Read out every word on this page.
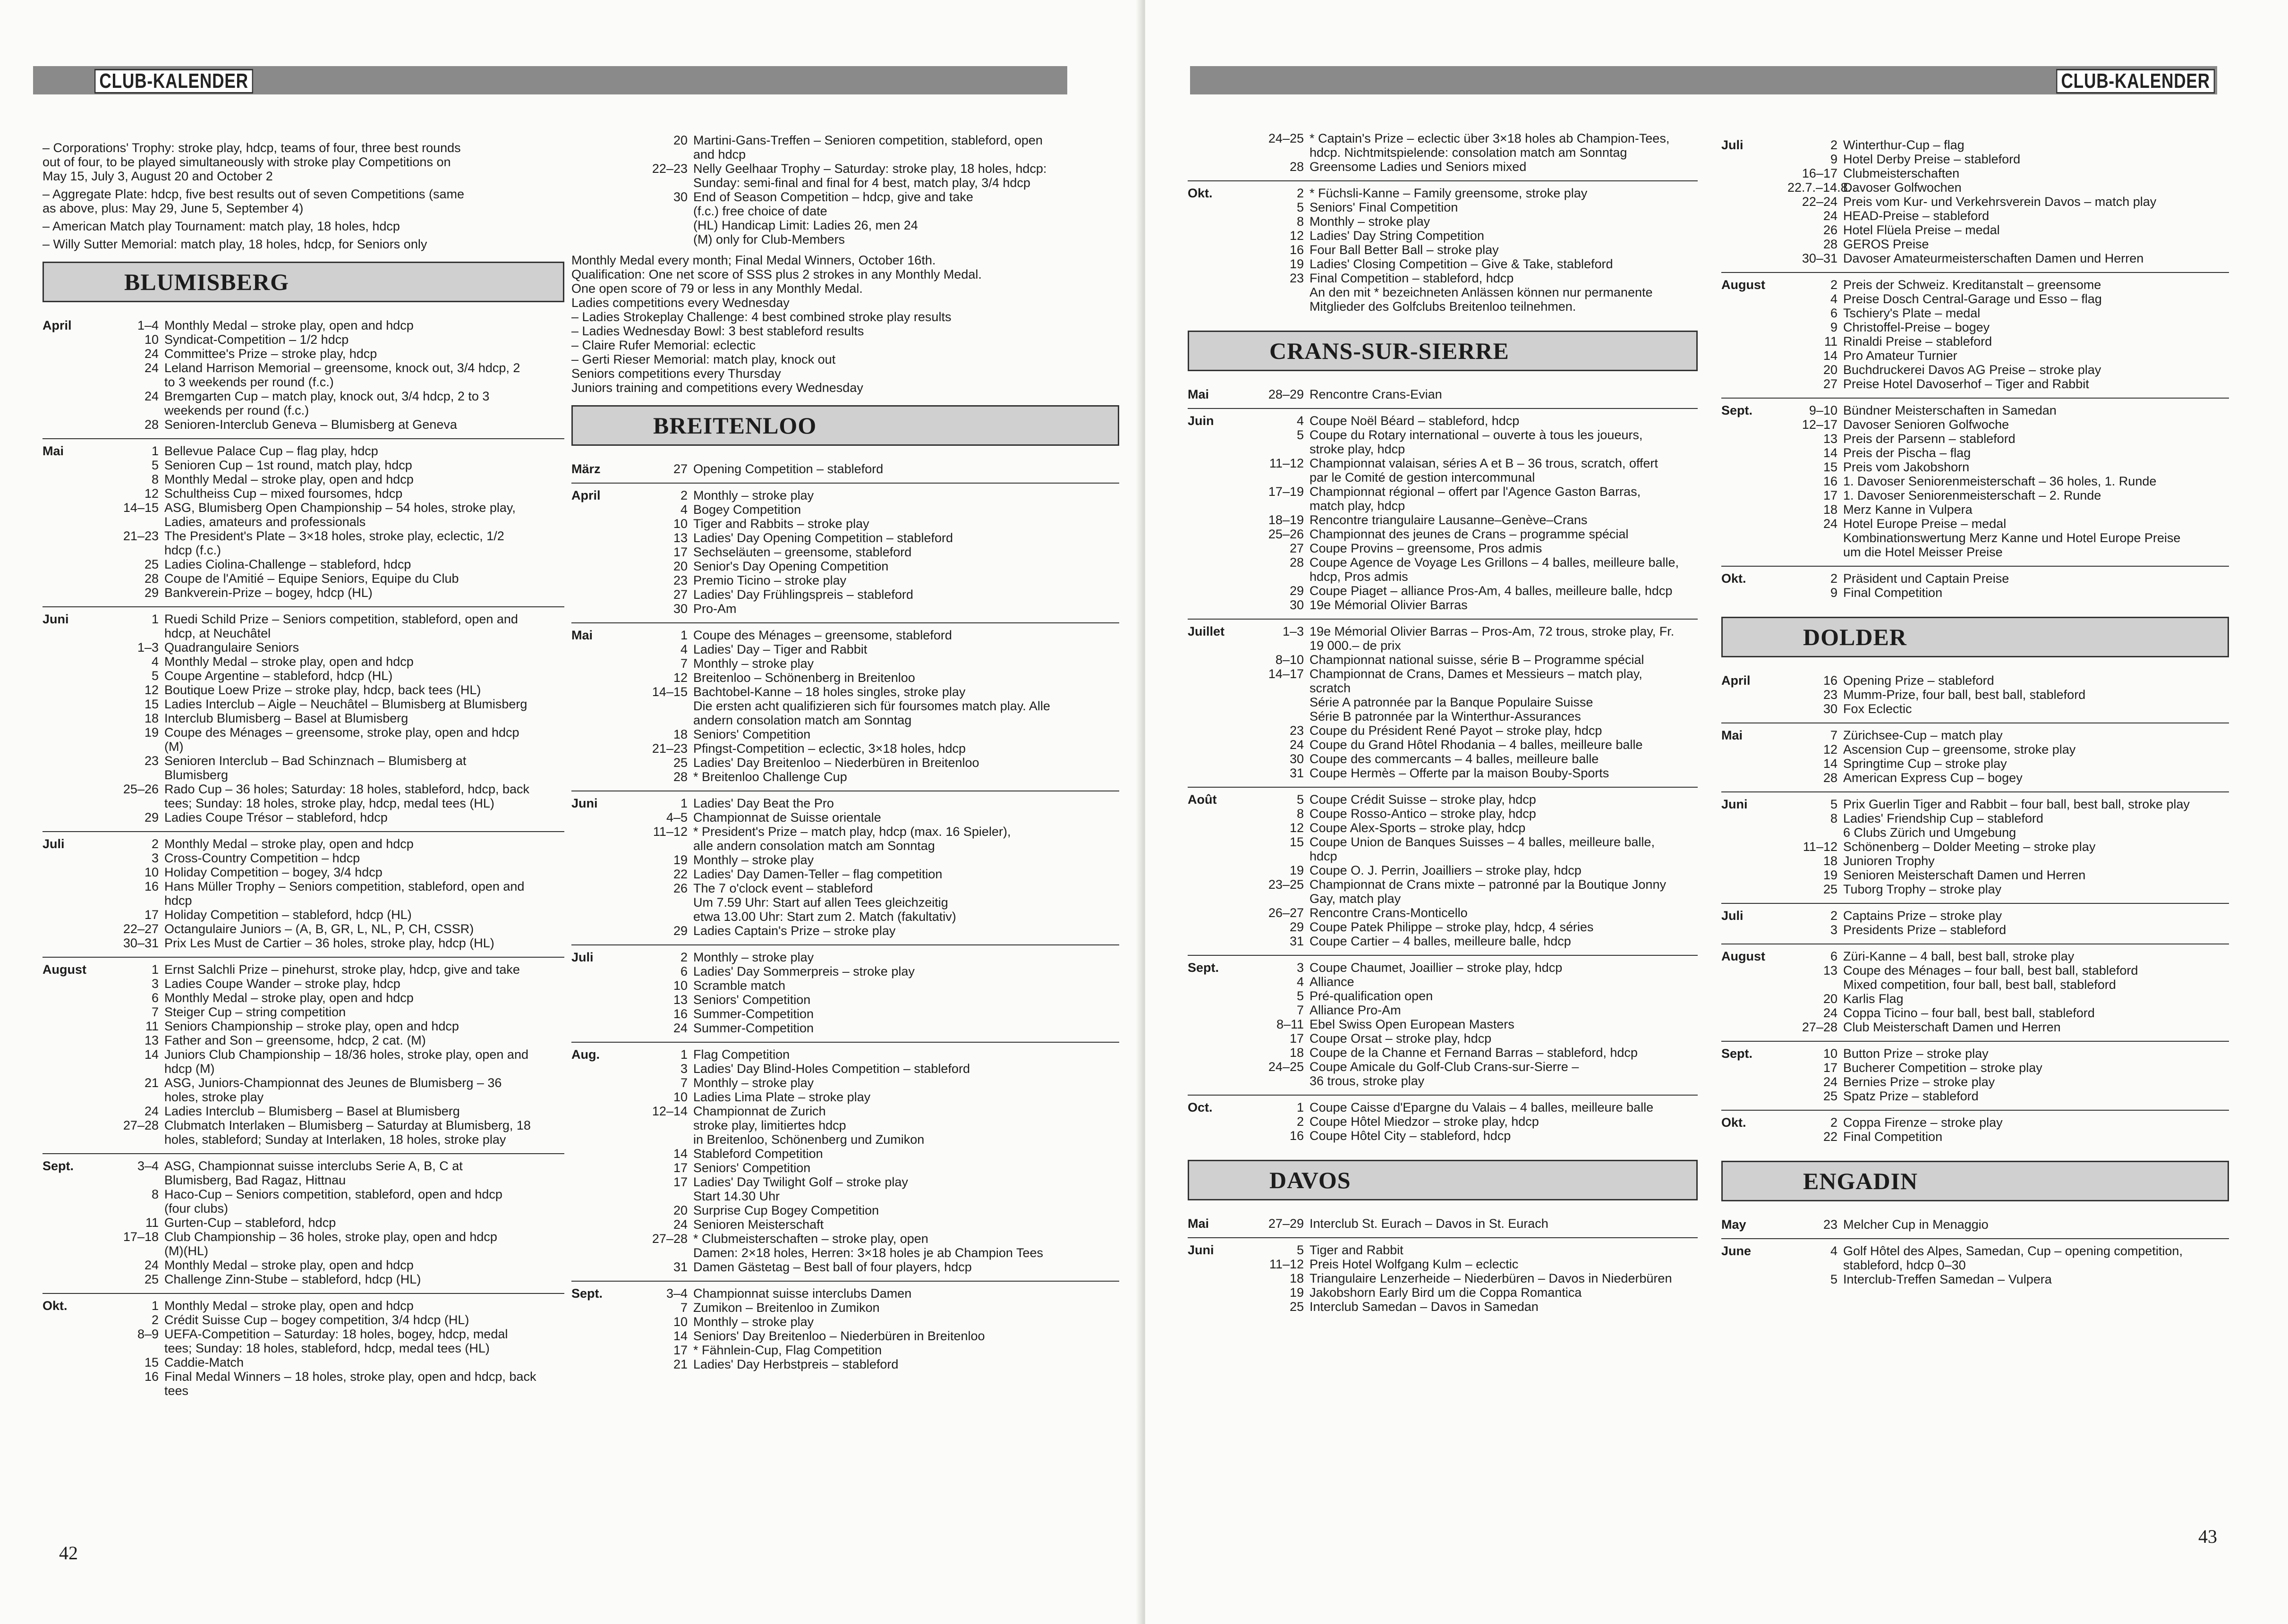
CLUB-KALENDER
– Corporations' Trophy: stroke play, hdcp, teams of four, three best rounds
out of four, to be played simultaneously with stroke play Competitions on
May 15, July 3, August 20 and October 2
– Aggregate Plate: hdcp, five best results out of seven Competitions (same
as above, plus: May 29, June 5, September 4)
– American Match play Tournament: match play, 18 holes, hdcp
– Willy Sutter Memorial: match play, 18 holes, hdcp, for Seniors only
BLUMISBERG
April	1–4 Monthly Medal – stroke play, open and hdcp
10 Syndicat-Competition – 1/2 hdcp
24 Committee's Prize – stroke play, hdcp
24 Leland Harrison Memorial – greensome, knock out, 3/4 hdcp, 2
to 3 weekends per round (f.c.)
24 Bremgarten Cup – match play, knock out, 3/4 hdcp, 2 to 3
weekends per round (f.c.)
28 Senioren-Interclub Geneva – Blumisberg at Geneva
Mai	1 Bellevue Palace Cup – flag play, hdcp
5 Senioren Cup – 1st round, match play, hdcp
8 Monthly Medal – stroke play, open and hdcp
12 Schultheiss Cup – mixed foursomes, hdcp
14–15 ASG, Blumisberg Open Championship – 54 holes, stroke play,
Ladies, amateurs and professionals
21–23 The President's Plate – 3×18 holes, stroke play, eclectic, 1/2
hdcp (f.c.)
25 Ladies Ciolina-Challenge – stableford, hdcp
28 Coupe de l'Amitié – Equipe Seniors, Equipe du Club
29 Bankverein-Prize – bogey, hdcp (HL)
Juni	1 Ruedi Schild Prize – Seniors competition, stableford, open and
hdcp, at Neuchâtel
1–3 Quadrangulaire Seniors
4 Monthly Medal – stroke play, open and hdcp
5 Coupe Argentine – stableford, hdcp (HL)
12 Boutique Loew Prize – stroke play, hdcp, back tees (HL)
15 Ladies Interclub – Aigle – Neuchâtel – Blumisberg at Blumisberg
18 Interclub Blumisberg – Basel at Blumisberg
19 Coupe des Ménages – greensome, stroke play, open and hdcp
(M)
23 Senioren Interclub – Bad Schinznach – Blumisberg at
Blumisberg
25–26 Rado Cup – 36 holes; Saturday: 18 holes, stableford, hdcp, back
tees; Sunday: 18 holes, stroke play, hdcp, medal tees (HL)
29 Ladies Coupe Trésor – stableford, hdcp
Juli	2 Monthly Medal – stroke play, open and hdcp
3 Cross-Country Competition – hdcp
10 Holiday Competition – bogey, 3/4 hdcp
16 Hans Müller Trophy – Seniors competition, stableford, open and
hdcp
17 Holiday Competition – stableford, hdcp (HL)
22–27 Octangulaire Juniors – (A, B, GR, L, NL, P, CH, CSSR)
30–31 Prix Les Must de Cartier – 36 holes, stroke play, hdcp (HL)
August	1 Ernst Salchli Prize – pinehurst, stroke play, hdcp, give and take
3 Ladies Coupe Wander – stroke play, hdcp
6 Monthly Medal – stroke play, open and hdcp
7 Steiger Cup – string competition
11 Seniors Championship – stroke play, open and hdcp
13 Father and Son – greensome, hdcp, 2 cat. (M)
14 Juniors Club Championship – 18/36 holes, stroke play, open and
hdcp (M)
21 ASG, Juniors-Championnat des Jeunes de Blumisberg – 36
holes, stroke play
24 Ladies Interclub – Blumisberg – Basel at Blumisberg
27–28 Clubmatch Interlaken – Blumisberg – Saturday at Blumisberg, 18
holes, stableford; Sunday at Interlaken, 18 holes, stroke play
Sept.	3–4 ASG, Championnat suisse interclubs Serie A, B, C at
Blumisberg, Bad Ragaz, Hittnau
8 Haco-Cup – Seniors competition, stableford, open and hdcp
(four clubs)
11 Gurten-Cup – stableford, hdcp
17–18 Club Championship – 36 holes, stroke play, open and hdcp
(M)(HL)
24 Monthly Medal – stroke play, open and hdcp
25 Challenge Zinn-Stube – stableford, hdcp (HL)
Okt.	1 Monthly Medal – stroke play, open and hdcp
2 Crédit Suisse Cup – bogey competition, 3/4 hdcp (HL)
8–9 UEFA-Competition – Saturday: 18 holes, bogey, hdcp, medal
tees; Sunday: 18 holes, stableford, hdcp, medal tees (HL)
15 Caddie-Match
16 Final Medal Winners – 18 holes, stroke play, open and hdcp, back
tees
20 Martini-Gans-Treffen – Senioren competition, stableford, open
and hdcp
22–23 Nelly Geelhaar Trophy – Saturday: stroke play, 18 holes, hdcp:
Sunday: semi-final and final for 4 best, match play, 3/4 hdcp
30 End of Season Competition – hdcp, give and take
(f.c.) free choice of date
(HL) Handicap Limit: Ladies 26, men 24
(M) only for Club-Members
Monthly Medal every month; Final Medal Winners, October 16th.
Qualification: One net score of SSS plus 2 strokes in any Monthly Medal.
One open score of 79 or less in any Monthly Medal.
Ladies competitions every Wednesday
– Ladies Strokeplay Challenge: 4 best combined stroke play results
– Ladies Wednesday Bowl: 3 best stableford results
– Claire Rufer Memorial: eclectic
– Gerti Rieser Memorial: match play, knock out
Seniors competitions every Thursday
Juniors training and competitions every Wednesday
BREITENLOO
März	27 Opening Competition – stableford
April	2 Monthly – stroke play
4 Bogey Competition
10 Tiger and Rabbits – stroke play
13 Ladies' Day Opening Competition – stableford
17 Sechseläuten – greensome, stableford
20 Senior's Day Opening Competition
23 Premio Ticino – stroke play
27 Ladies' Day Frühlingspreis – stableford
30 Pro-Am
Mai	1 Coupe des Ménages – greensome, stableford
4 Ladies' Day – Tiger and Rabbit
7 Monthly – stroke play
12 Breitenloo – Schönenberg in Breitenloo
14–15 Bachtobel-Kanne – 18 holes singles, stroke play
Die ersten acht qualifizieren sich für foursomes match play. Alle
andern consolation match am Sonntag
18 Seniors' Competition
21–23 Pfingst-Competition – eclectic, 3×18 holes, hdcp
25 Ladies' Day Breitenloo – Niederbüren in Breitenloo
28 * Breitenloo Challenge Cup
Juni	1 Ladies' Day Beat the Pro
4–5 Championnat de Suisse orientale
11–12 * President's Prize – match play, hdcp (max. 16 Spieler),
alle andern consolation match am Sonntag
19 Monthly – stroke play
22 Ladies' Day Damen-Teller – flag competition
26 The 7 o'clock event – stableford
Um 7.59 Uhr: Start auf allen Tees gleichzeitig
etwa 13.00 Uhr: Start zum 2. Match (fakultativ)
29 Ladies Captain's Prize – stroke play
Juli	2 Monthly – stroke play
6 Ladies' Day Sommerpreis – stroke play
10 Scramble match
13 Seniors' Competition
16 Summer-Competition
24 Summer-Competition
Aug.	1 Flag Competition
3 Ladies' Day Blind-Holes Competition – stableford
7 Monthly – stroke play
10 Ladies Lima Plate – stroke play
12–14 Championnat de Zurich
stroke play, limitiertes hdcp
in Breitenloo, Schönenberg und Zumikon
14 Stableford Competition
17 Seniors' Competition
17 Ladies' Day Twilight Golf – stroke play
Start 14.30 Uhr
20 Surprise Cup Bogey Competition
24 Senioren Meisterschaft
27–28 * Clubmeisterschaften – stroke play, open
Damen: 2×18 holes, Herren: 3×18 holes je ab Champion Tees
31 Damen Gästetag – Best ball of four players, hdcp
Sept.	3–4 Championnat suisse interclubs Damen
7 Zumikon – Breitenloo in Zumikon
10 Monthly – stroke play
14 Seniors' Day Breitenloo – Niederbüren in Breitenloo
17 * Fähnlein-Cup, Flag Competition
21 Ladies' Day Herbstpreis – stableford
42
CLUB-KALENDER
24–25 * Captain's Prize – eclectic über 3×18 holes ab Champion-Tees,
hdcp. Nichtmitspielende: consolation match am Sonntag
28 Greensome Ladies und Seniors mixed
Okt.	2 * Füchsli-Kanne – Family greensome, stroke play
5 Seniors' Final Competition
8 Monthly – stroke play
12 Ladies' Day String Competition
16 Four Ball Better Ball – stroke play
19 Ladies' Closing Competition – Give & Take, stableford
23 Final Competition – stableford, hdcp
An den mit * bezeichneten Anlässen können nur permanente
Mitglieder des Golfclubs Breitenloo teilnehmen.
CRANS-SUR-SIERRE
Mai	28–29 Rencontre Crans-Evian
Juin	4 Coupe Noël Béard – stableford, hdcp
5 Coupe du Rotary international – ouverte à tous les joueurs,
stroke play, hdcp
11–12 Championnat valaisan, séries A et B – 36 trous, scratch, offert
par le Comité de gestion intercommunal
17–19 Championnat régional – offert par l'Agence Gaston Barras,
match play, hdcp
18–19 Rencontre triangulaire Lausanne–Genève–Crans
25–26 Championnat des jeunes de Crans – programme spécial
27 Coupe Provins – greensome, Pros admis
28 Coupe Agence de Voyage Les Grillons – 4 balles, meilleure balle,
hdcp, Pros admis
29 Coupe Piaget – alliance Pros-Am, 4 balles, meilleure balle, hdcp
30 19e Mémorial Olivier Barras
Juillet	1–3 19e Mémorial Olivier Barras – Pros-Am, 72 trous, stroke play, Fr.
19 000.– de prix
8–10 Championnat national suisse, série B – Programme spécial
14–17 Championnat de Crans, Dames et Messieurs – match play,
scratch
Série A patronnée par la Banque Populaire Suisse
Série B patronnée par la Winterthur-Assurances
23 Coupe du Président René Payot – stroke play, hdcp
24 Coupe du Grand Hôtel Rhodania – 4 balles, meilleure balle
30 Coupe des commercants – 4 balles, meilleure balle
31 Coupe Hermès – Offerte par la maison Bouby-Sports
Août	5 Coupe Crédit Suisse – stroke play, hdcp
8 Coupe Rosso-Antico – stroke play, hdcp
12 Coupe Alex-Sports – stroke play, hdcp
15 Coupe Union de Banques Suisses – 4 balles, meilleure balle,
hdcp
19 Coupe O. J. Perrin, Joailliers – stroke play, hdcp
23–25 Championnat de Crans mixte – patronné par la Boutique Jonny
Gay, match play
26–27 Rencontre Crans-Monticello
29 Coupe Patek Philippe – stroke play, hdcp, 4 séries
31 Coupe Cartier – 4 balles, meilleure balle, hdcp
Sept.	3 Coupe Chaumet, Joaillier – stroke play, hdcp
4 Alliance
5 Pré-qualification open
7 Alliance Pro-Am
8–11 Ebel Swiss Open European Masters
17 Coupe Orsat – stroke play, hdcp
18 Coupe de la Channe et Fernand Barras – stableford, hdcp
24–25 Coupe Amicale du Golf-Club Crans-sur-Sierre –
36 trous, stroke play
Oct.	1 Coupe Caisse d'Epargne du Valais – 4 balles, meilleure balle
2 Coupe Hôtel Miedzor – stroke play, hdcp
16 Coupe Hôtel City – stableford, hdcp
DAVOS
Mai	27–29 Interclub St. Eurach – Davos in St. Eurach
Juni	5 Tiger and Rabbit
11–12 Preis Hotel Wolfgang Kulm – eclectic
18 Triangulaire Lenzerheide – Niederbüren – Davos in Niederbüren
19 Jakobshorn Early Bird um die Coppa Romantica
25 Interclub Samedan – Davos in Samedan
Juli	2 Winterthur-Cup – flag
9 Hotel Derby Preise – stableford
16–17 Clubmeisterschaften
22.7.–14.8.
Davoser Golfwochen
22–24 Preis vom Kur- und Verkehrsverein Davos – match play
24 HEAD-Preise – stableford
26 Hotel Flüela Preise – medal
28 GEROS Preise
30–31 Davoser Amateurmeisterschaften Damen und Herren
August	2 Preis der Schweiz. Kreditanstalt – greensome
4 Preise Dosch Central-Garage und Esso – flag
6 Tschiery's Plate – medal
9 Christoffel-Preise – bogey
11 Rinaldi Preise – stableford
14 Pro Amateur Turnier
20 Buchdruckerei Davos AG Preise – stroke play
27 Preise Hotel Davoserhof – Tiger and Rabbit
Sept.	9–10 Bündner Meisterschaften in Samedan
12–17 Davoser Senioren Golfwoche
13 Preis der Parsenn – stableford
14 Preis der Pischa – flag
15 Preis vom Jakobshorn
16 1. Davoser Seniorenmeisterschaft – 36 holes, 1. Runde
17 1. Davoser Seniorenmeisterschaft – 2. Runde
18 Merz Kanne in Vulpera
24 Hotel Europe Preise – medal
Kombinationswertung Merz Kanne und Hotel Europe Preise
um die Hotel Meisser Preise
Okt.	2 Präsident und Captain Preise
9 Final Competition
DOLDER
April	16 Opening Prize – stableford
23 Mumm-Prize, four ball, best ball, stableford
30 Fox Eclectic
Mai	7 Zürichsee-Cup – match play
12 Ascension Cup – greensome, stroke play
14 Springtime Cup – stroke play
28 American Express Cup – bogey
Juni	5 Prix Guerlin Tiger and Rabbit – four ball, best ball, stroke play
8 Ladies' Friendship Cup – stableford
6 Clubs Zürich und Umgebung
11–12 Schönenberg – Dolder Meeting – stroke play
18 Junioren Trophy
19 Senioren Meisterschaft Damen und Herren
25 Tuborg Trophy – stroke play
Juli	2 Captains Prize – stroke play
3 Presidents Prize – stableford
August	6 Züri-Kanne – 4 ball, best ball, stroke play
13 Coupe des Ménages – four ball, best ball, stableford
Mixed competition, four ball, best ball, stableford
20 Karlis Flag
24 Coppa Ticino – four ball, best ball, stableford
27–28 Club Meisterschaft Damen und Herren
Sept.	10 Button Prize – stroke play
17 Bucherer Competition – stroke play
24 Bernies Prize – stroke play
25 Spatz Prize – stableford
Okt.	2 Coppa Firenze – stroke play
22 Final Competition
ENGADIN
May	23 Melcher Cup in Menaggio
June	4 Golf Hôtel des Alpes, Samedan, Cup – opening competition,
stableford, hdcp 0–30
5 Interclub-Treffen Samedan – Vulpera
43
